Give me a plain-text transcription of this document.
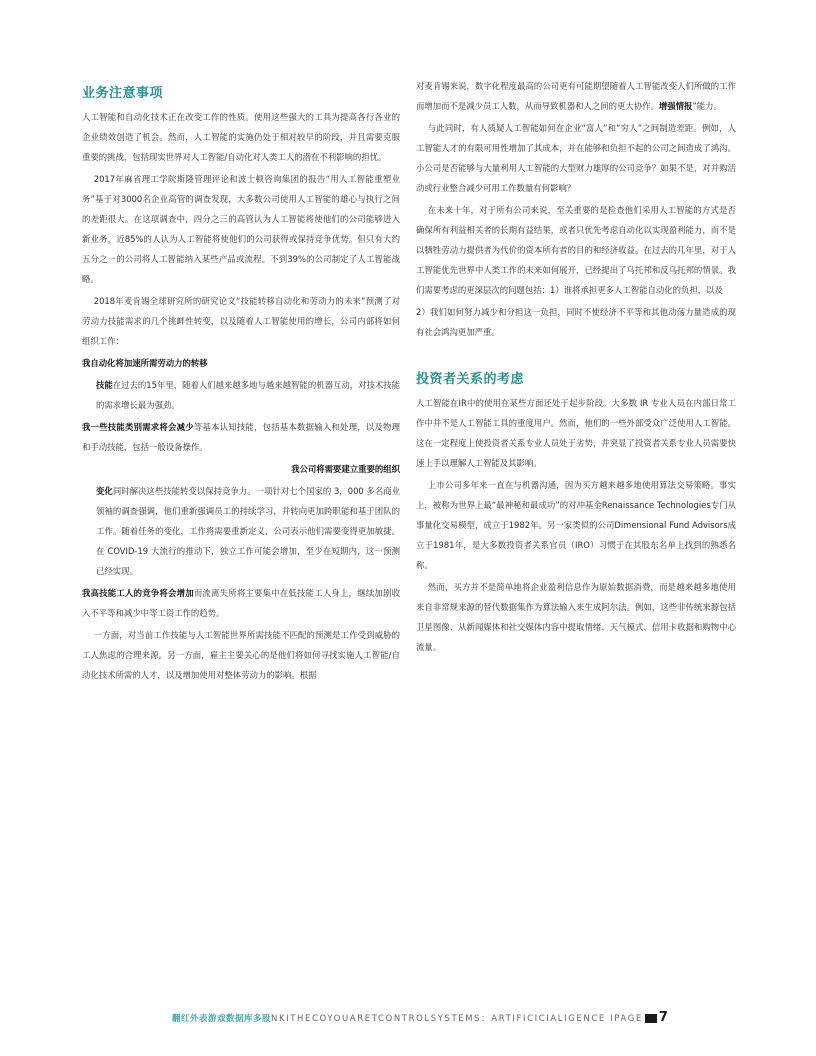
业务注意事项

人工智能和自动化技术正在改变工作的性质。使用这些强大的工具为提高各行各业的企业绩效创造了机会。然而，人工智能的实施仍处于相对较早的阶段，并且需要克服重要的挑战，包括现实世界对人工智能/自动化对人类工人的潜在不利影响的担忧。

2017年麻省理工学院斯隆管理评论和波士顿咨询集团的报告“用人工智能重塑业务”基于对3000名企业高管的调查发现，大多数公司使用人工智能的雄心与执行之间的差距很大。在这项调查中，四分之三的高管认为人工智能将使他们的公司能够进入新业务，近85%的人认为人工智能将使他们的公司获得或保持竞争优势。但只有大约五分之一的公司将人工智能纳入某些产品或流程。不到39%的公司制定了人工智能战略。

2018年麦肯锡全球研究所的研究论文“技能转移自动化和劳动力的未来”预测了对劳动力技能需求的几个挑衅性转变，以及随着人工智能使用的增长，公司内部将如何组织工作：

我自动化将加速所需劳动力的转移

技能在过去的15年里，随着人们越来越多地与越来越智能的机器互动，对技术技能的需求增长最为强劲。

我一些技能类别需求将会减少等基本认知技能，包括基本数据输入和处理，以及物理和手动技能，包括一般设备操作。

我公司将需要建立重要的组织

变化同时解决这些技能转变以保持竞争力。一项针对七个国家的 3，000 多名商业领袖的调查强调，他们重新强调员工的持续学习，并转向更加跨职能和基于团队的工作。随着任务的变化，工作将需要重新定义，公司表示他们需要变得更加敏捷。在 COVID-19 大流行的推动下，独立工作可能会增加，至少在短期内，这一预测已经实现。

我高技能工人的竞争将会增加而流离失所将主要集中在低技能工人身上，继续加剧收入不平等和减少中等工资工作的趋势。

一方面，对当前工作技能与人工智能世界所需技能不匹配的预测是工作受到威胁的工人焦虑的合理来源。另一方面，雇主主要关心的是他们将如何寻找实施人工智能/自动化技术所需的人才，以及增加使用对整体劳动力的影响。根据

对麦肯锡来说，数字化程度最高的公司更有可能期望随着人工智能改变人们所做的工作而增加而不是减少员工人数，从而导致机器和人之间的更大协作。增强情报”能力。

与此同时，有人质疑人工智能如何在企业“富人”和“穷人”之间制造差距。例如，人工智能人才的有限可用性增加了其成本，并在能够和负担不起的公司之间造成了鸿沟。小公司是否能够与大量利用人工智能的大型财力雄厚的公司竞争？如果不是，对并购活动或行业整合减少可用工作数量有何影响？

在未来十年，对于所有公司来说，至关重要的是检查他们采用人工智能的方式是否确保所有利益相关者的长期有益结果，或者只优先考虑自动化以实现盈利能力，而不是以牺牲劳动力提供者为代价的资本所有者的目的和经济收益。在过去的几年里，对于人工智能优先世界中人类工作的未来如何展开，已经提出了乌托邦和反乌托邦的情景。我们需要考虑的更深层次的问题包括：1）谁将承担更多人工智能自动化的负担，以及

2）我们如何努力减少和分担这一负担，同时不使经济不平等和其他动荡力量造成的现有社会鸿沟更加严重。

投资者关系的考虑

人工智能在IR中的使用在某些方面还处于起步阶段。大多数 IR 专业人员在内部日常工作中并不是人工智能工具的重度用户。然而，他们的一些外部受众广泛使用人工智能。这在一定程度上使投资者关系专业人员处于劣势，并突显了投资者关系专业人员需要快速上手以理解人工智能及其影响。

上市公司多年来一直在与机器沟通，因为买方越来越多地使用算法交易策略。事实上，被称为世界上最“最神秘和最成功”的对冲基金Renaissance Technologies专门从事量化交易模型，成立于1982年。另一家类似的公司Dimensional Fund Advisors成立于1981年，是大多数投资者关系官员（IRO）习惯于在其股东名单上找到的熟悉名称。

然而，买方并不是简单地将企业盈利信息作为原始数据消费，而是越来越多地使用来自非常规来源的替代数据集作为算法输入来生成阿尔法。例如，这些非传统来源包括卫星图像、从新闻媒体和社交媒体内容中提取情绪、天气模式、信用卡收据和购物中心流量。

翻红外表游戏数据库多股NKITHECOYOUARETCONTROLSYSTEMS：ARTIFICICIALIGENCE IPAGE 7
